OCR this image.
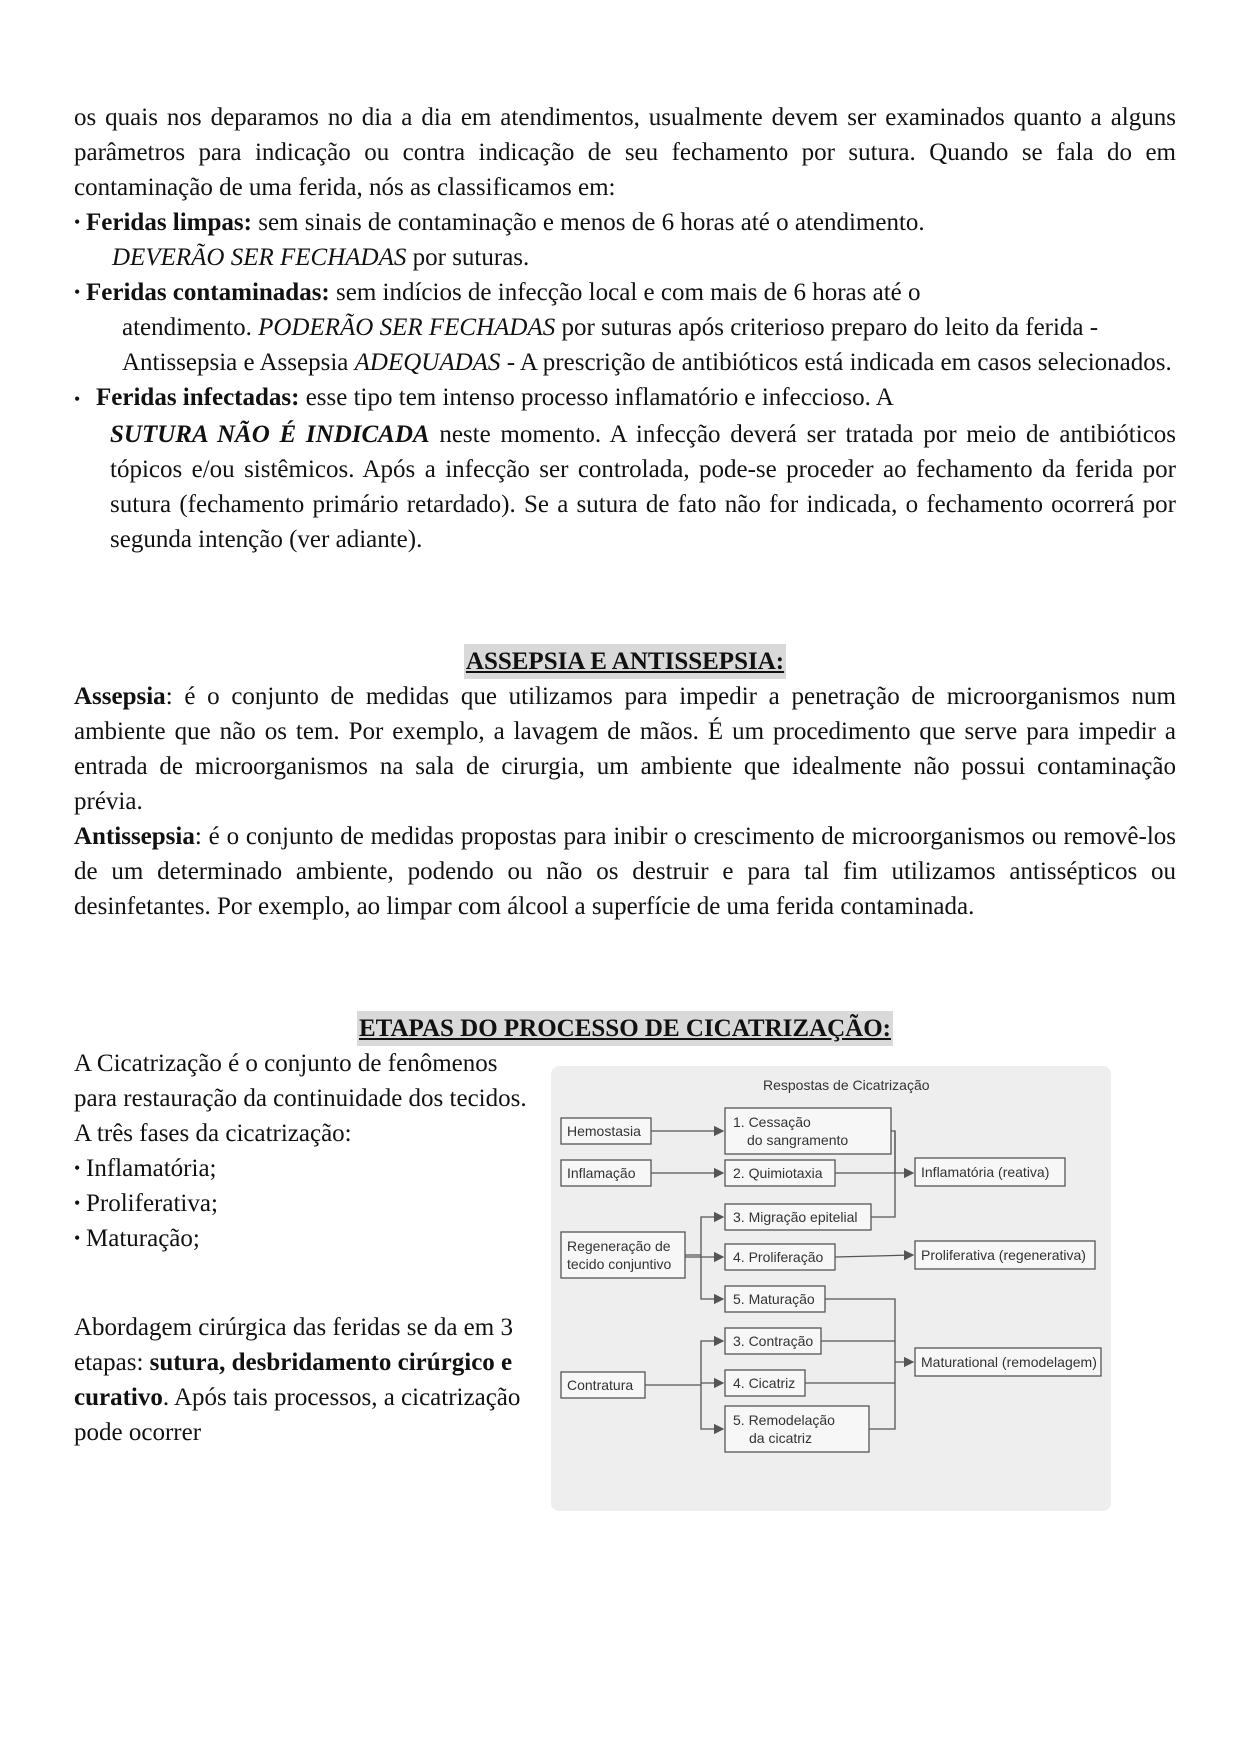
os quais nos deparamos no dia a dia em atendimentos, usualmente devem ser examinados quanto a alguns parâmetros para indicação ou contra indicação de seu fechamento por sutura. Quando se fala do em contaminação de uma ferida, nós as classificamos em:

• Feridas limpas: sem sinais de contaminação e menos de 6 horas até o atendimento.
DEVERÃO SER FECHADAS por suturas.
• Feridas contaminadas: sem indícios de infecção local e com mais de 6 horas até o
atendimento. PODERÃO SER FECHADAS por suturas após criterioso preparo do leito da ferida - Antissepsia e Assepsia ADEQUADAS - A prescrição de antibióticos está indicada em casos selecionados.
• Feridas infectadas: esse tipo tem intenso processo inflamatório e infeccioso. A
SUTURA NÃO É INDICADA neste momento. A infecção deverá ser tratada por meio de antibióticos tópicos e/ou sistêmicos. Após a infecção ser controlada, pode-se proceder ao fechamento da ferida por sutura (fechamento primário retardado). Se a sutura de fato não for indicada, o fechamento ocorrerá por segunda intenção (ver adiante).
ASSEPSIA E ANTISSEPSIA:

Assepsia: é o conjunto de medidas que utilizamos para impedir a penetração de microorganismos num ambiente que não os tem. Por exemplo, a lavagem de mãos. É um procedimento que serve para impedir a entrada de microorganismos na sala de cirurgia, um ambiente que idealmente não possui contaminação prévia.

Antissepsia: é o conjunto de medidas propostas para inibir o crescimento de microorganismos ou removê-los de um determinado ambiente, podendo ou não os destruir e para tal fim utilizamos antissépticos ou desinfetantes. Por exemplo, ao limpar com álcool a superfície de uma ferida contaminada.

ETAPAS DO PROCESSO DE CICATRIZAÇÃO:

A Cicatrização é o conjunto de fenômenos para restauração da continuidade dos tecidos. A três fases da cicatrização:

• Inflamatória;
• Proliferativa;
• Maturação;

Abordagem cirúrgica das feridas se da em 3 etapas: sutura, desbridamento cirúrgico e curativo. Após tais processos, a cicatrização pode ocorrer

Respostas de Cicatrização
Hemostasia
Inflamação
Regeneração de
tecido conjuntivo
Contratura
1. Cessação
do sangramento
2. Quimiotaxia
3. Migração epitelial
4. Proliferação
5. Maturação
3. Contração
4. Cicatriz
5. Remodelação
da cicatriz
Inflamatória (reativa)
Proliferativa (regenerativa)
Maturational (remodelagem)
